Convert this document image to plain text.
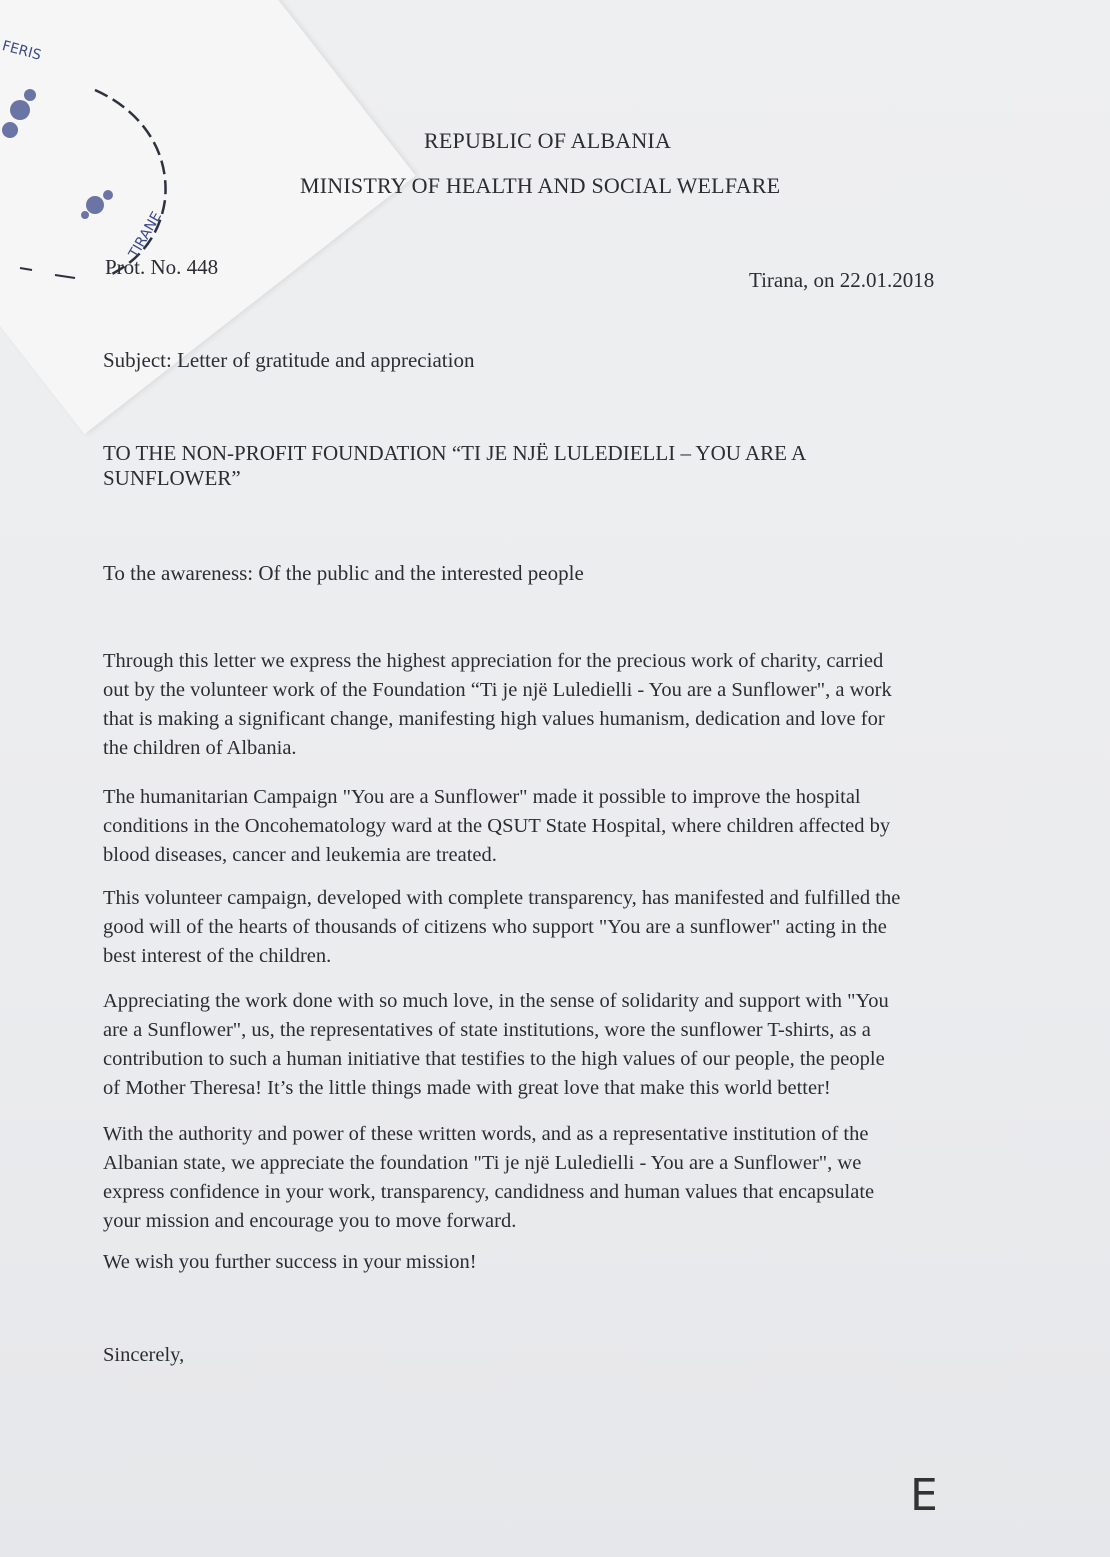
FERIS
TIRANE
REPUBLIC OF ALBANIA
MINISTRY OF HEALTH AND SOCIAL WELFARE
Prot. No. 448
Tirana, on 22.01.2018
Subject: Letter of gratitude and appreciation
TO THE NON-PROFIT FOUNDATION “TI JE NJË LULEDIELLI – YOU ARE A
SUNFLOWER”
To the awareness: Of the public and the interested people
Through this letter we express the highest appreciation for the precious work of charity, carried
out by the volunteer work of the Foundation “Ti je një Luledielli - You are a Sunflower", a work
that is making a significant change, manifesting high values humanism, dedication and love for
the children of Albania.
The humanitarian Campaign "You are a Sunflower" made it possible to improve the hospital
conditions in the Oncohematology ward at the QSUT State Hospital, where children affected by
blood diseases, cancer and leukemia are treated.
This volunteer campaign, developed with complete transparency, has manifested and fulfilled the
good will of the hearts of thousands of citizens who support "You are a sunflower" acting in the
best interest of the children.
Appreciating the work done with so much love, in the sense of solidarity and support with "You
are a Sunflower", us, the representatives of state institutions, wore the sunflower T-shirts, as a
contribution to such a human initiative that testifies to the high values of our people, the people
of Mother Theresa! It’s the little things made with great love that make this world better!
With the authority and power of these written words, and as a representative institution of the
Albanian state, we appreciate the foundation "Ti je një Luledielli - You are a Sunflower", we
express confidence in your work, transparency, candidness and human values that encapsulate
your mission and encourage you to move forward.
We wish you further success in your mission!
Sincerely,
E
